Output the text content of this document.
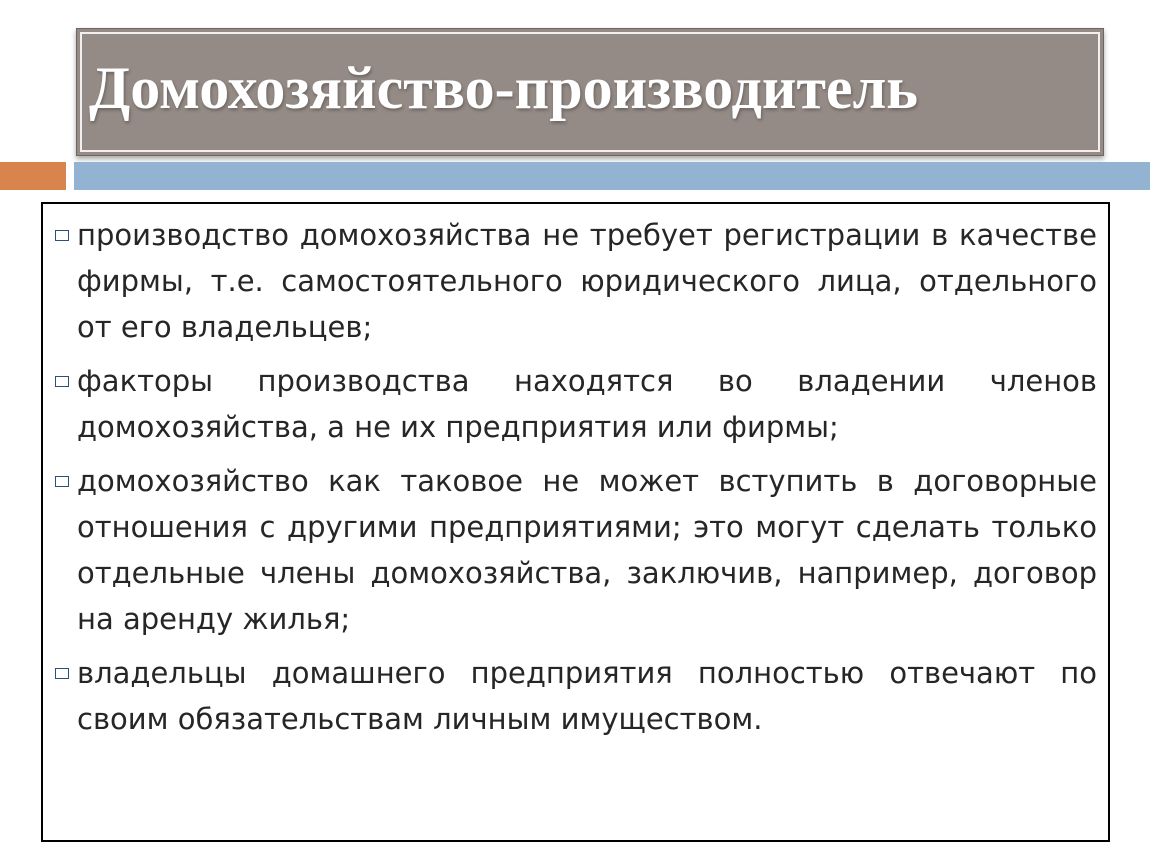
Домохозяйство-производитель
производство домохозяйства не требует регистрации в качестве фирмы, т.е. самостоятельного юридического лица, отдельного от его владельцев;
факторы производства находятся во владении членов домохозяйства, а не их предприятия или фирмы;
домохозяйство как таковое не может вступить в договорные отношения с другими предприятиями; это могут сделать только отдельные члены домохозяйства, заключив, например, договор на аренду жилья;
владельцы домашнего предприятия полностью отвечают по своим обязательствам личным имуществом.
